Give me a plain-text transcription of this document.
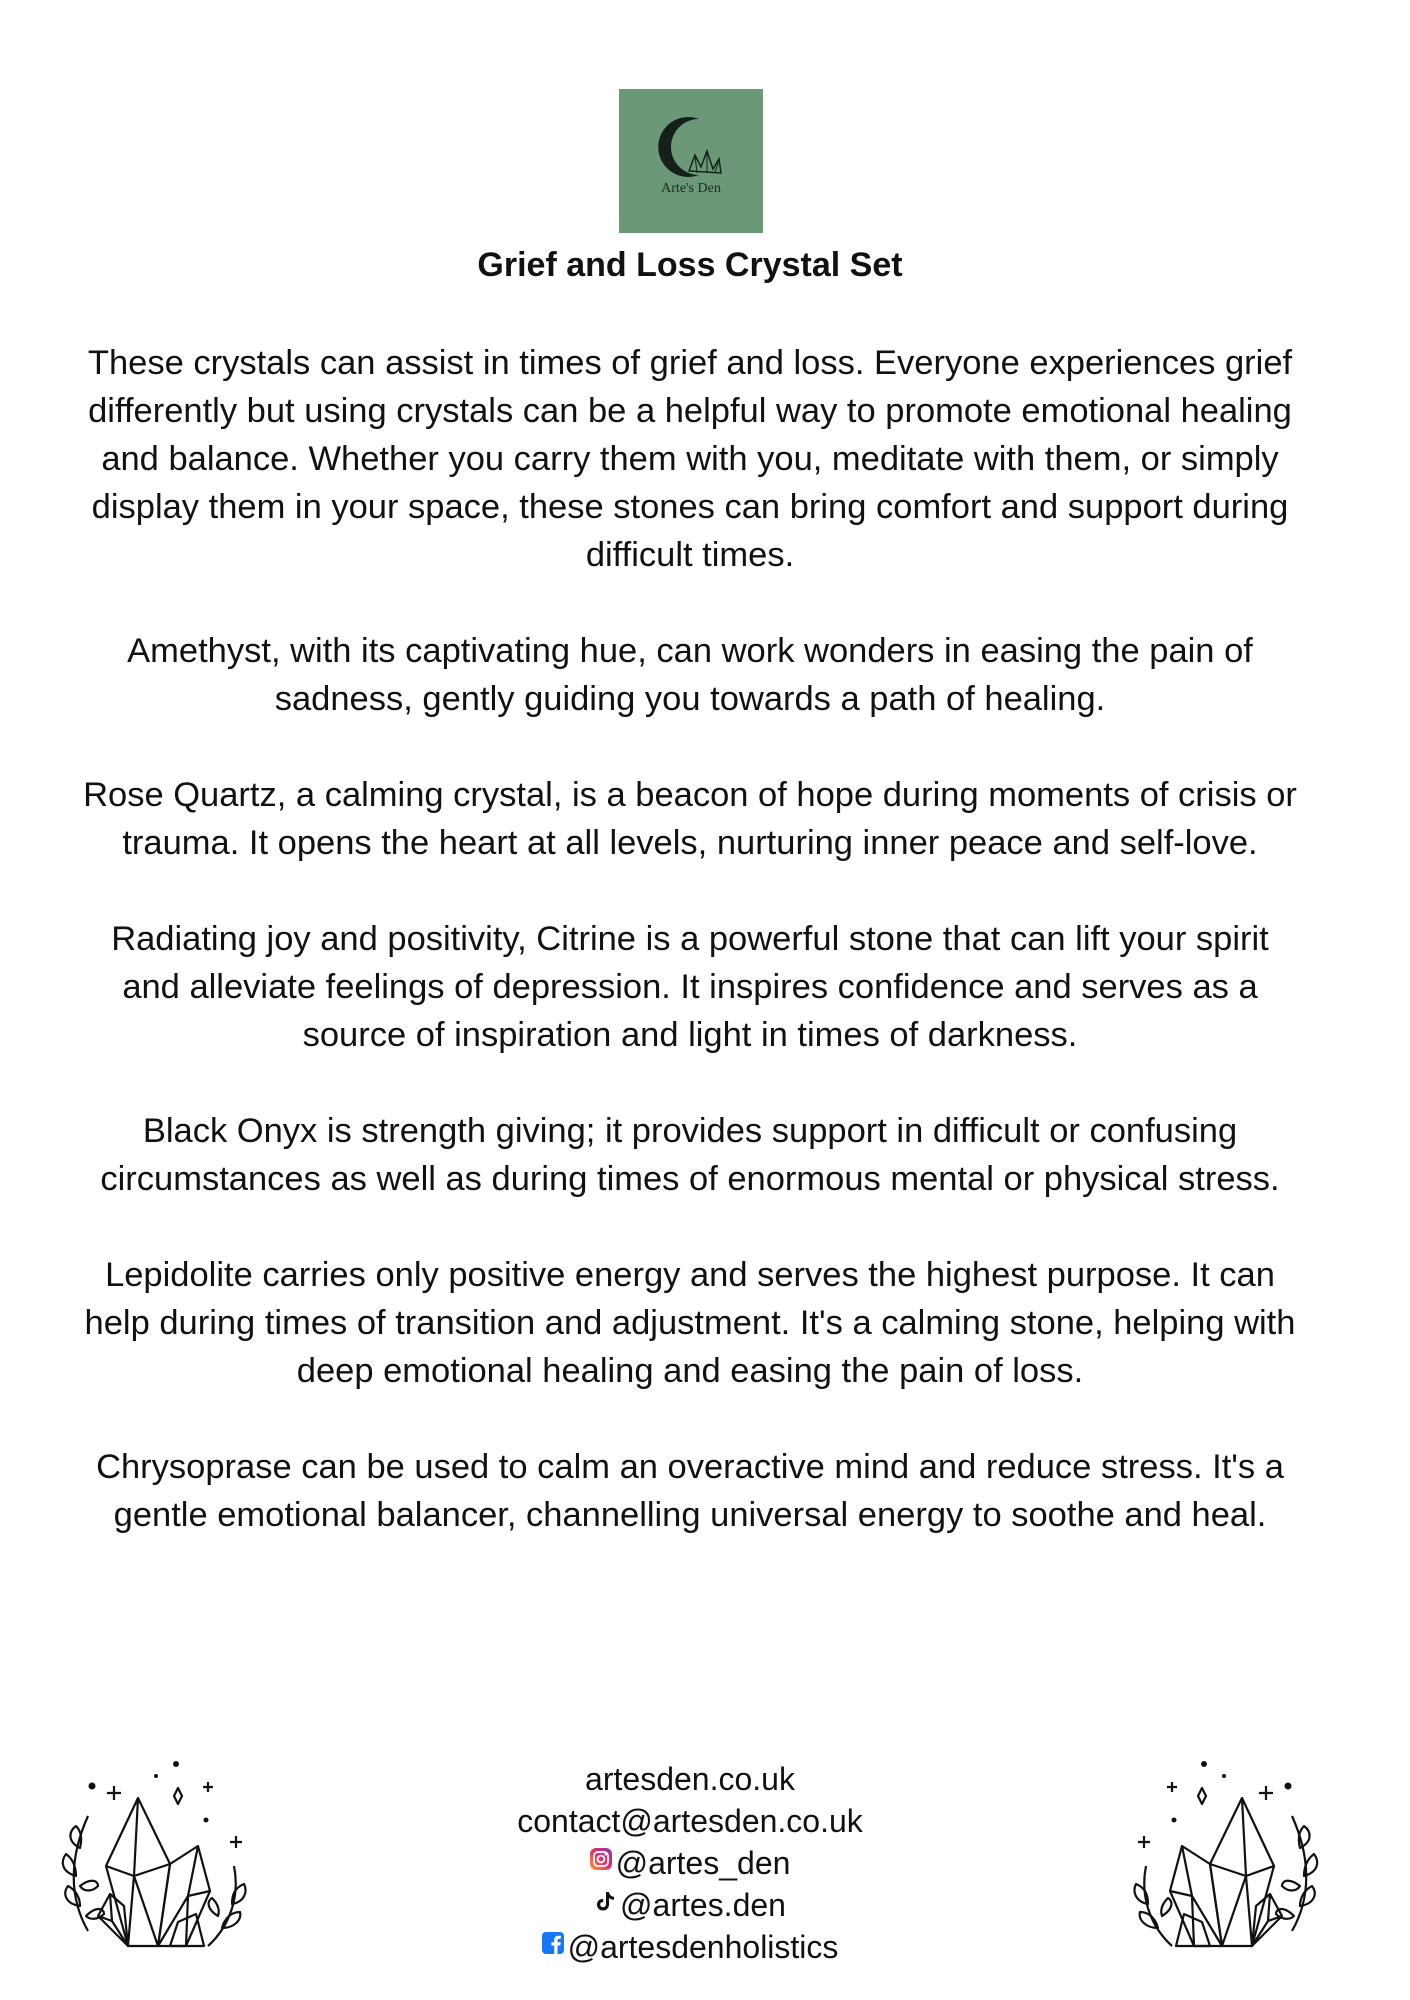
Arte's Den
Grief and Loss Crystal Set

These crystals can assist in times of grief and loss. Everyone experiences grief differently but using crystals can be a helpful way to promote emotional healing and balance. Whether you carry them with you, meditate with them, or simply display them in your space, these stones can bring comfort and support during difficult times.

Amethyst, with its captivating hue, can work wonders in easing the pain of sadness, gently guiding you towards a path of healing.

Rose Quartz, a calming crystal, is a beacon of hope during moments of crisis or trauma. It opens the heart at all levels, nurturing inner peace and self-love.

Radiating joy and positivity, Citrine is a powerful stone that can lift your spirit and alleviate feelings of depression. It inspires confidence and serves as a source of inspiration and light in times of darkness.

Black Onyx is strength giving; it provides support in difficult or confusing circumstances as well as during times of enormous mental or physical stress.

Lepidolite carries only positive energy and serves the highest purpose. It can help during times of transition and adjustment. It's a calming stone, helping with deep emotional healing and easing the pain of loss.

Chrysoprase can be used to calm an overactive mind and reduce stress. It's a gentle emotional balancer, channelling universal energy to soothe and heal.

artesden.co.uk
contact@artesden.co.uk
@artes_den
@artes.den
@artesdenholistics
